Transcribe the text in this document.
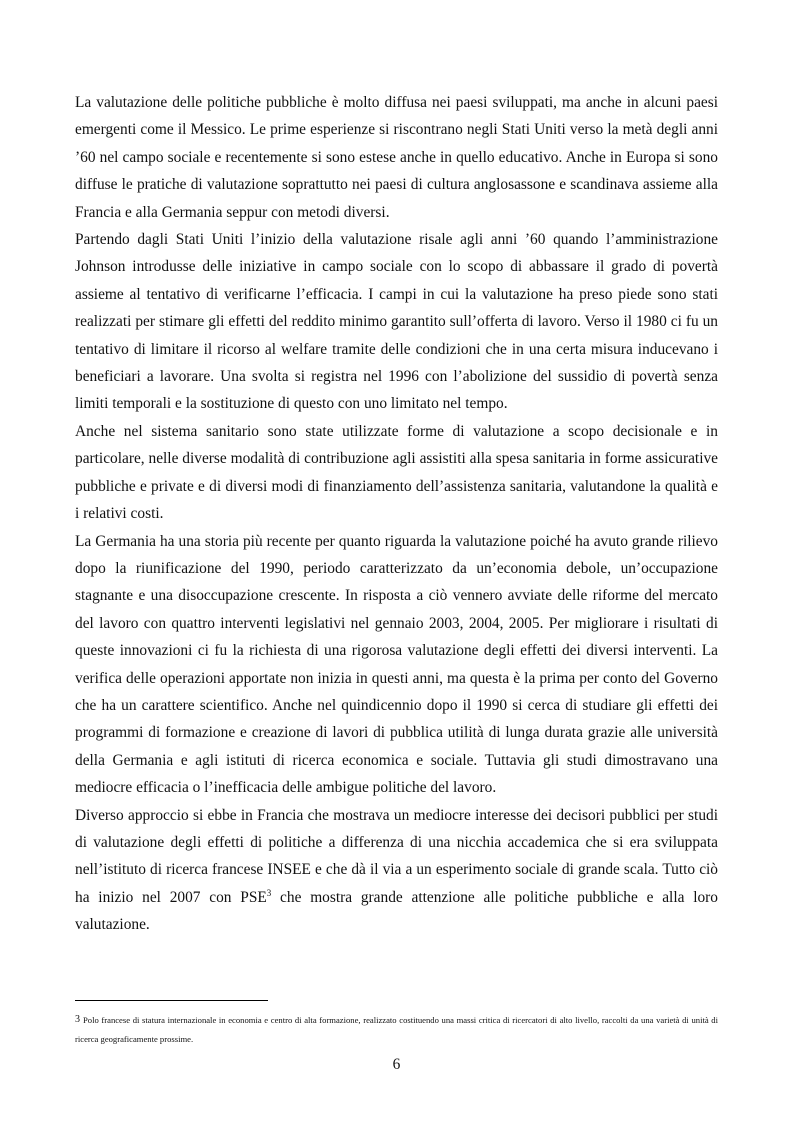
La valutazione delle politiche pubbliche è molto diffusa nei paesi sviluppati, ma anche in alcuni paesi emergenti come il Messico. Le prime esperienze si riscontrano negli Stati Uniti verso la metà degli anni ’60 nel campo sociale e recentemente si sono estese anche in quello educativo. Anche in Europa si sono diffuse le pratiche di valutazione soprattutto nei paesi di cultura anglosassone e scandinava assieme alla Francia e alla Germania seppur con metodi diversi.

Partendo dagli Stati Uniti l’inizio della valutazione risale agli anni ’60 quando l’amministrazione Johnson introdusse delle iniziative in campo sociale con lo scopo di abbassare il grado di povertà assieme al tentativo di verificarne l’efficacia. I campi in cui la valutazione ha preso piede sono stati realizzati per stimare gli effetti del reddito minimo garantito sull’offerta di lavoro. Verso il 1980 ci fu un tentativo di limitare il ricorso al welfare tramite delle condizioni che in una certa misura inducevano i beneficiari a lavorare. Una svolta si registra nel 1996 con l’abolizione del sussidio di povertà senza limiti temporali e la sostituzione di questo con uno limitato nel tempo.

Anche nel sistema sanitario sono state utilizzate forme di valutazione a scopo decisionale e in particolare, nelle diverse modalità di contribuzione agli assistiti alla spesa sanitaria in forme assicurative pubbliche e private e di diversi modi di finanziamento dell’assistenza sanitaria, valutandone la qualità e i relativi costi.

La Germania ha una storia più recente per quanto riguarda la valutazione poiché ha avuto grande rilievo dopo la riunificazione del 1990, periodo caratterizzato da un’economia debole, un’occupazione stagnante e una disoccupazione crescente. In risposta a ciò vennero avviate delle riforme del mercato del lavoro con quattro interventi legislativi nel gennaio 2003, 2004, 2005. Per migliorare i risultati di queste innovazioni ci fu la richiesta di una rigorosa valutazione degli effetti dei diversi interventi. La verifica delle operazioni apportate non inizia in questi anni, ma questa è la prima per conto del Governo che ha un carattere scientifico. Anche nel quindicennio dopo il 1990 si cerca di studiare gli effetti dei programmi di formazione e creazione di lavori di pubblica utilità di lunga durata grazie alle università della Germania e agli istituti di ricerca economica e sociale. Tuttavia gli studi dimostravano una mediocre efficacia o l’inefficacia delle ambigue politiche del lavoro.

Diverso approccio si ebbe in Francia che mostrava un mediocre interesse dei decisori pubblici per studi di valutazione degli effetti di politiche a differenza di una nicchia accademica che si era sviluppata nell’istituto di ricerca francese INSEE e che dà il via a un esperimento sociale di grande scala. Tutto ciò ha inizio nel 2007 con PSE$^3$ che mostra grande attenzione alle politiche pubbliche e alla loro valutazione.

3 Polo francese di statura internazionale in economia e centro di alta formazione, realizzato costituendo una massi critica di ricercatori di alto livello, raccolti da una varietà di unità di ricerca geograficamente prossime.
6
